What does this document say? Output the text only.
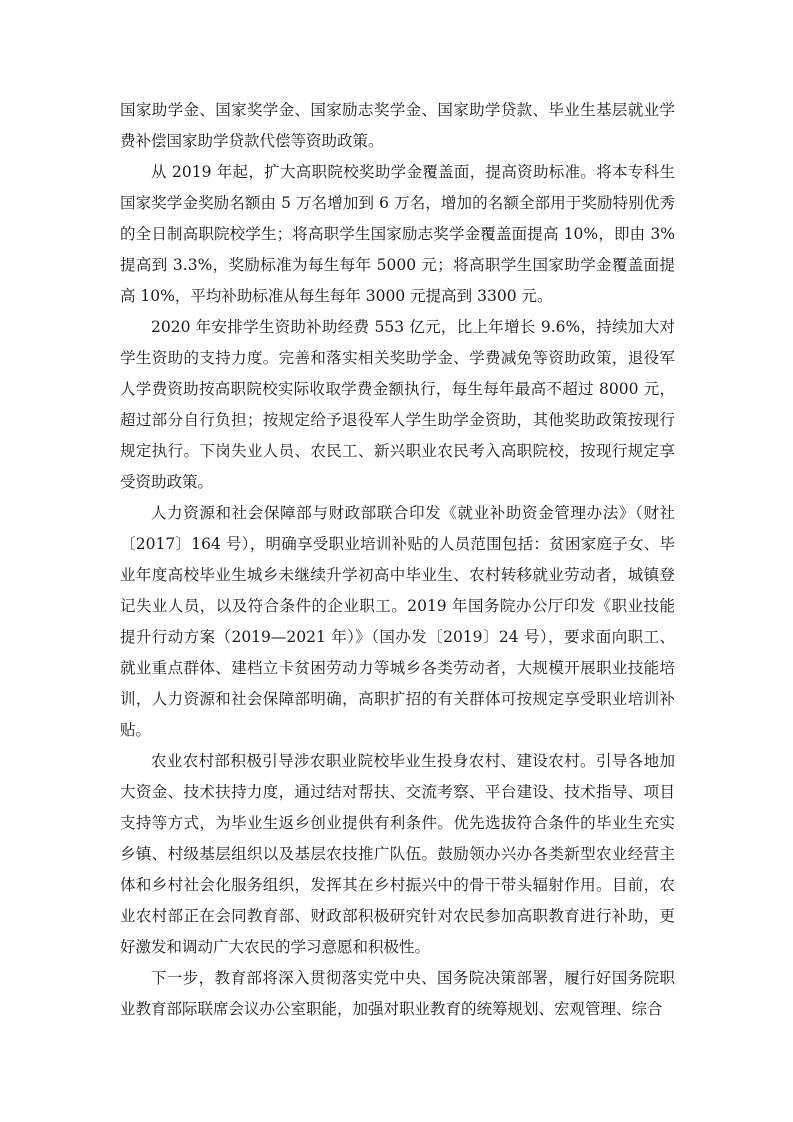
国家助学金、国家奖学金、国家励志奖学金、国家助学贷款、毕业生基层就业学费补偿国家助学贷款代偿等资助政策。

从 2019 年起，扩大高职院校奖助学金覆盖面，提高资助标准。将本专科生国家奖学金奖励名额由 5 万名增加到 6 万名，增加的名额全部用于奖励特别优秀的全日制高职院校学生；将高职学生国家励志奖学金覆盖面提高 10%，即由 3%提高到 3.3%，奖励标准为每生每年 5000 元；将高职学生国家助学金覆盖面提高 10%，平均补助标准从每生每年 3000 元提高到 3300 元。

2020 年安排学生资助补助经费 553 亿元，比上年增长 9.6%，持续加大对学生资助的支持力度。完善和落实相关奖助学金、学费减免等资助政策，退役军人学费资助按高职院校实际收取学费金额执行，每生每年最高不超过 8000 元，超过部分自行负担；按规定给予退役军人学生助学金资助，其他奖助政策按现行规定执行。下岗失业人员、农民工、新兴职业农民考入高职院校，按现行规定享受资助政策。

人力资源和社会保障部与财政部联合印发《就业补助资金管理办法》（财社〔2017〕164 号），明确享受职业培训补贴的人员范围包括：贫困家庭子女、毕业年度高校毕业生城乡未继续升学初高中毕业生、农村转移就业劳动者，城镇登记失业人员，以及符合条件的企业职工。2019 年国务院办公厅印发《职业技能提升行动方案（2019—2021 年）》（国办发〔2019〕24 号），要求面向职工、就业重点群体、建档立卡贫困劳动力等城乡各类劳动者，大规模开展职业技能培训，人力资源和社会保障部明确，高职扩招的有关群体可按规定享受职业培训补贴。

农业农村部积极引导涉农职业院校毕业生投身农村、建设农村。引导各地加大资金、技术扶持力度，通过结对帮扶、交流考察、平台建设、技术指导、项目支持等方式，为毕业生返乡创业提供有利条件。优先选拔符合条件的毕业生充实乡镇、村级基层组织以及基层农技推广队伍。鼓励领办兴办各类新型农业经营主体和乡村社会化服务组织，发挥其在乡村振兴中的骨干带头辐射作用。目前，农业农村部正在会同教育部、财政部积极研究针对农民参加高职教育进行补助，更好激发和调动广大农民的学习意愿和积极性。

下一步，教育部将深入贯彻落实党中央、国务院决策部署，履行好国务院职业教育部际联席会议办公室职能，加强对职业教育的统筹规划、宏观管理、综合
